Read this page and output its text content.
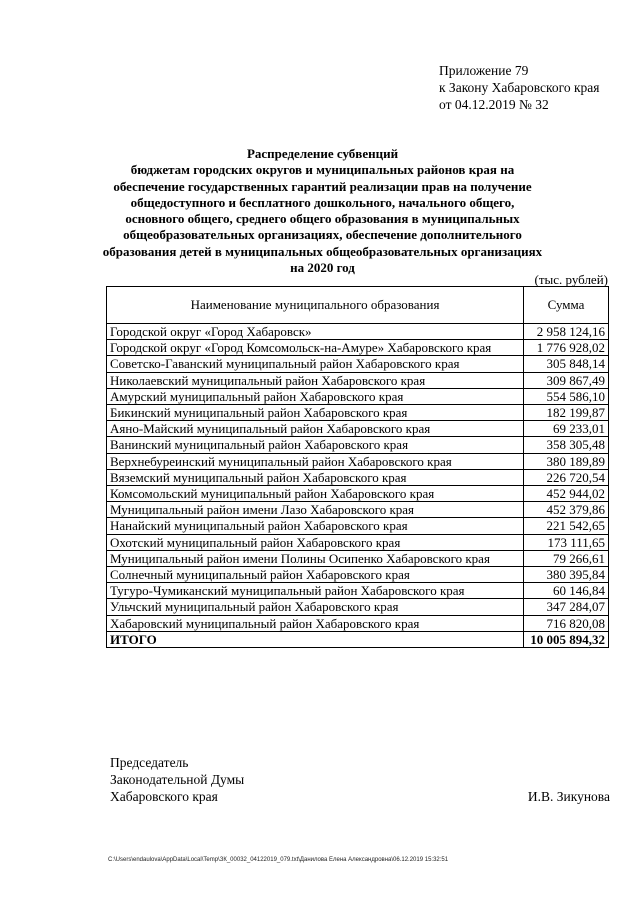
Приложение 79
к Закону Хабаровского края
от 04.12.2019 № 32
Распределение субвенций
бюджетам городских округов и муниципальных районов края на обеспечение государственных гарантий реализации прав на получение общедоступного и бесплатного дошкольного, начального общего, основного общего, среднего общего образования в муниципальных общеобразовательных организациях, обеспечение дополнительного образования детей в муниципальных общеобразовательных организациях на 2020 год
(тыс. рублей)
Наименование муниципального образования	Сумма
Городской округ «Город Хабаровск»	2 958 124,16
Городской округ «Город Комсомольск-на-Амуре» Хабаровского края	1 776 928,02
Советско-Гаванский муниципальный район Хабаровского края	305 848,14
Николаевский муниципальный район Хабаровского края	309 867,49
Амурский муниципальный район Хабаровского края	554 586,10
Бикинский муниципальный район Хабаровского края	182 199,87
Аяно-Майский муниципальный район Хабаровского края	69 233,01
Ванинский муниципальный район Хабаровского края	358 305,48
Верхнебуреинский муниципальный район Хабаровского края	380 189,89
Вяземский муниципальный район Хабаровского края	226 720,54
Комсомольский муниципальный район Хабаровского края	452 944,02
Муниципальный район имени Лазо Хабаровского края	452 379,86
Нанайский муниципальный район Хабаровского края	221 542,65
Охотский муниципальный район Хабаровского края	173 111,65
Муниципальный район имени Полины Осипенко Хабаровского края	79 266,61
Солнечный муниципальный район Хабаровского края	380 395,84
Тугуро-Чумиканский муниципальный район Хабаровского края	60 146,84
Ульчский муниципальный район Хабаровского края	347 284,07
Хабаровский муниципальный район Хабаровского края	716 820,08
ИТОГО	10 005 894,32
Председатель
Законодательной Думы
Хабаровского края	И.В. Зикунова
C:\Users\endaulova\AppData\Local\Temp\ЗК_00032_04122019_079.txt\Данилова Елена Александровна\06.12.2019 15:32:51
